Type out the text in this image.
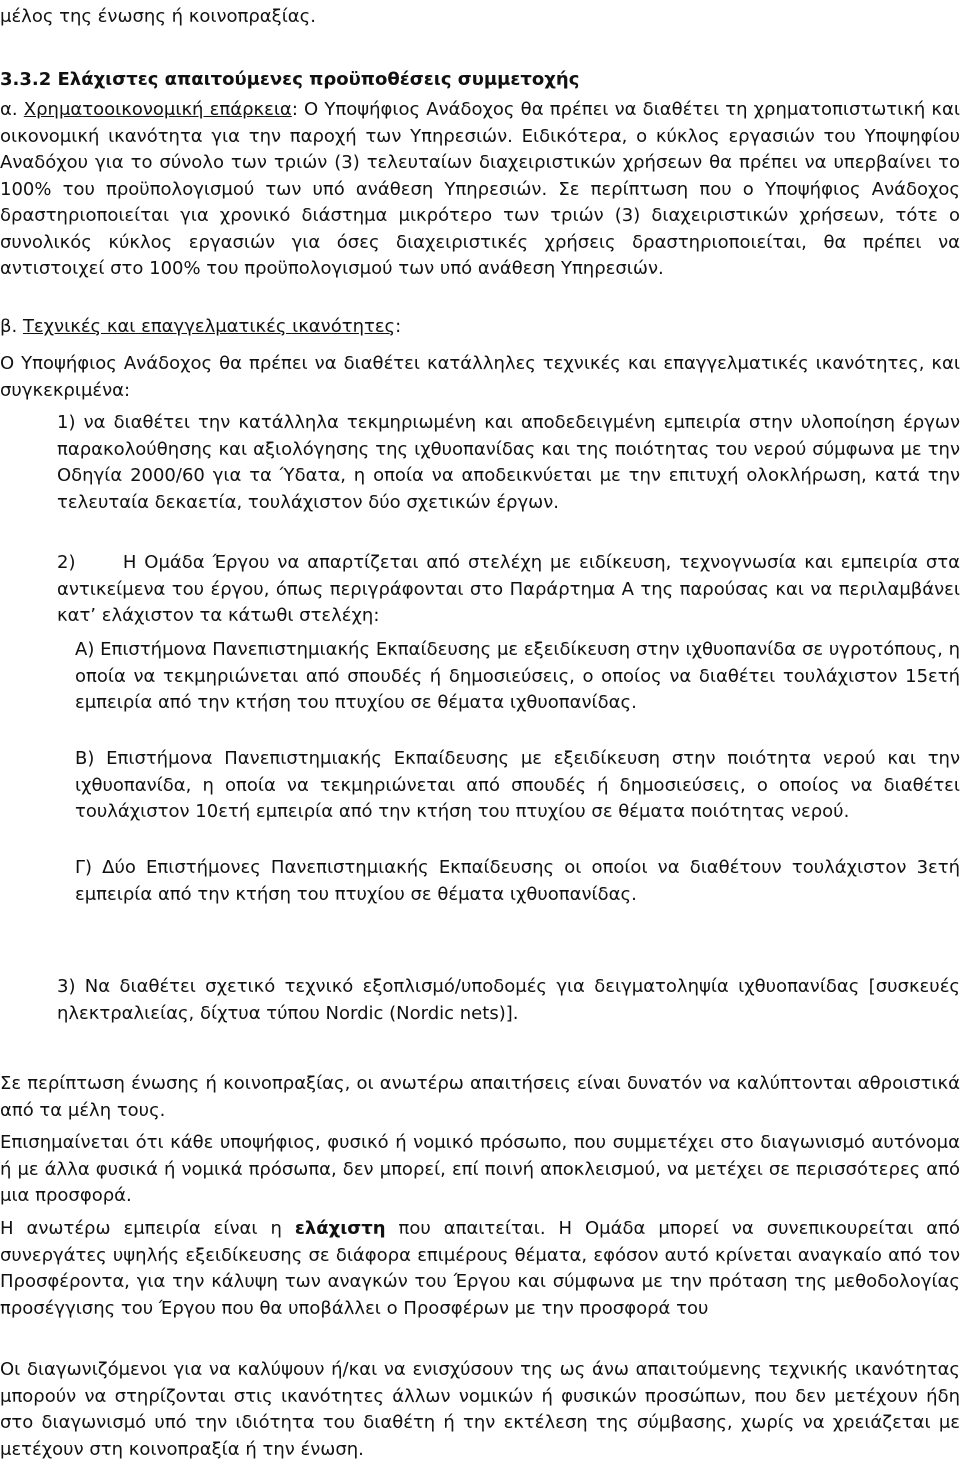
μέλος της ένωσης ή κοινοπραξίας.

3.3.2 Ελάχιστες απαιτούμενες προϋποθέσεις συμμετοχής

α. Χρηματοοικονομική επάρκεια: Ο Υποψήφιος Ανάδοχος θα πρέπει να διαθέτει τη χρηματοπιστωτική και οικονομική ικανότητα για την παροχή των Υπηρεσιών. Ειδικότερα, ο κύκλος εργασιών του Υποψηφίου Αναδόχου για το σύνολο των τριών (3) τελευταίων διαχειριστικών χρήσεων θα πρέπει να υπερβαίνει το 100% του προϋπολογισμού των υπό ανάθεση Υπηρεσιών. Σε περίπτωση που ο Υποψήφιος Ανάδοχος δραστηριοποιείται για χρονικό διάστημα μικρότερο των τριών (3) διαχειριστικών χρήσεων, τότε ο συνολικός κύκλος εργασιών για όσες διαχειριστικές χρήσεις δραστηριοποιείται, θα πρέπει να αντιστοιχεί στο 100% του προϋπολογισμού των υπό ανάθεση Υπηρεσιών.

β. Τεχνικές και επαγγελματικές ικανότητες:

Ο Υποψήφιος Ανάδοχος θα πρέπει να διαθέτει κατάλληλες τεχνικές και επαγγελματικές ικανότητες, και συγκεκριμένα:

1) να διαθέτει την κατάλληλα τεκμηριωμένη και αποδεδειγμένη εμπειρία στην υλοποίηση έργων παρακολούθησης και αξιολόγησης της ιχθυοπανίδας και της ποιότητας του νερού σύμφωνα με την Οδηγία 2000/60 για τα Ύδατα, η οποία να αποδεικνύεται με την επιτυχή ολοκλήρωση, κατά την τελευταία δεκαετία, τουλάχιστον δύο σχετικών έργων.

2)      Η Ομάδα Έργου να απαρτίζεται από στελέχη με ειδίκευση, τεχνογνωσία και εμπειρία στα αντικείμενα του έργου, όπως περιγράφονται στο Παράρτημα Α της παρούσας και να περιλαμβάνει κατ’ ελάχιστον τα κάτωθι στελέχη:

Α) Επιστήμονα Πανεπιστημιακής Εκπαίδευσης με εξειδίκευση στην ιχθυοπανίδα σε υγροτόπους, η οποία να τεκμηριώνεται από σπουδές ή δημοσιεύσεις, ο οποίος να διαθέτει τουλάχιστον 15ετή εμπειρία από την κτήση του πτυχίου σε θέματα ιχθυοπανίδας.

Β) Επιστήμονα Πανεπιστημιακής Εκπαίδευσης με εξειδίκευση στην ποιότητα νερού και την ιχθυοπανίδα, η οποία να τεκμηριώνεται από σπουδές ή δημοσιεύσεις, ο οποίος να διαθέτει τουλάχιστον 10ετή εμπειρία από την κτήση του πτυχίου σε θέματα ποιότητας νερού.

Γ) Δύο Επιστήμονες Πανεπιστημιακής Εκπαίδευσης οι οποίοι να διαθέτουν τουλάχιστον 3ετή εμπειρία από την κτήση του πτυχίου σε θέματα ιχθυοπανίδας.

3) Να διαθέτει σχετικό τεχνικό εξοπλισμό/υποδομές για δειγματοληψία ιχθυοπανίδας [συσκευές ηλεκτραλιείας, δίχτυα τύπου Nordic (Nordic nets)].

Σε περίπτωση ένωσης ή κοινοπραξίας, οι ανωτέρω απαιτήσεις είναι δυνατόν να καλύπτονται αθροιστικά από τα μέλη τους.

Επισημαίνεται ότι κάθε υποψήφιος, φυσικό ή νομικό πρόσωπο, που συμμετέχει στο διαγωνισμό αυτόνομα ή με άλλα φυσικά ή νομικά πρόσωπα, δεν μπορεί, επί ποινή αποκλεισμού, να μετέχει σε περισσότερες από μια προσφορά.

Η ανωτέρω εμπειρία είναι η ελάχιστη που απαιτείται. Η Ομάδα μπορεί να συνεπικουρείται από συνεργάτες υψηλής εξειδίκευσης σε διάφορα επιμέρους θέματα, εφόσον αυτό κρίνεται αναγκαίο από τον Προσφέροντα, για την κάλυψη των αναγκών του Έργου και σύμφωνα με την πρόταση της μεθοδολογίας προσέγγισης του Έργου που θα υποβάλλει ο Προσφέρων με την προσφορά του

Οι διαγωνιζόμενοι για να καλύψουν ή/και να ενισχύσουν της ως άνω απαιτούμενης τεχνικής ικανότητας μπορούν να στηρίζονται στις ικανότητες άλλων νομικών ή φυσικών προσώπων, που δεν μετέχουν ήδη στο διαγωνισμό υπό την ιδιότητα του διαθέτη ή την εκτέλεση της σύμβασης, χωρίς να χρειάζεται με μετέχουν στη κοινοπραξία ή την ένωση.
